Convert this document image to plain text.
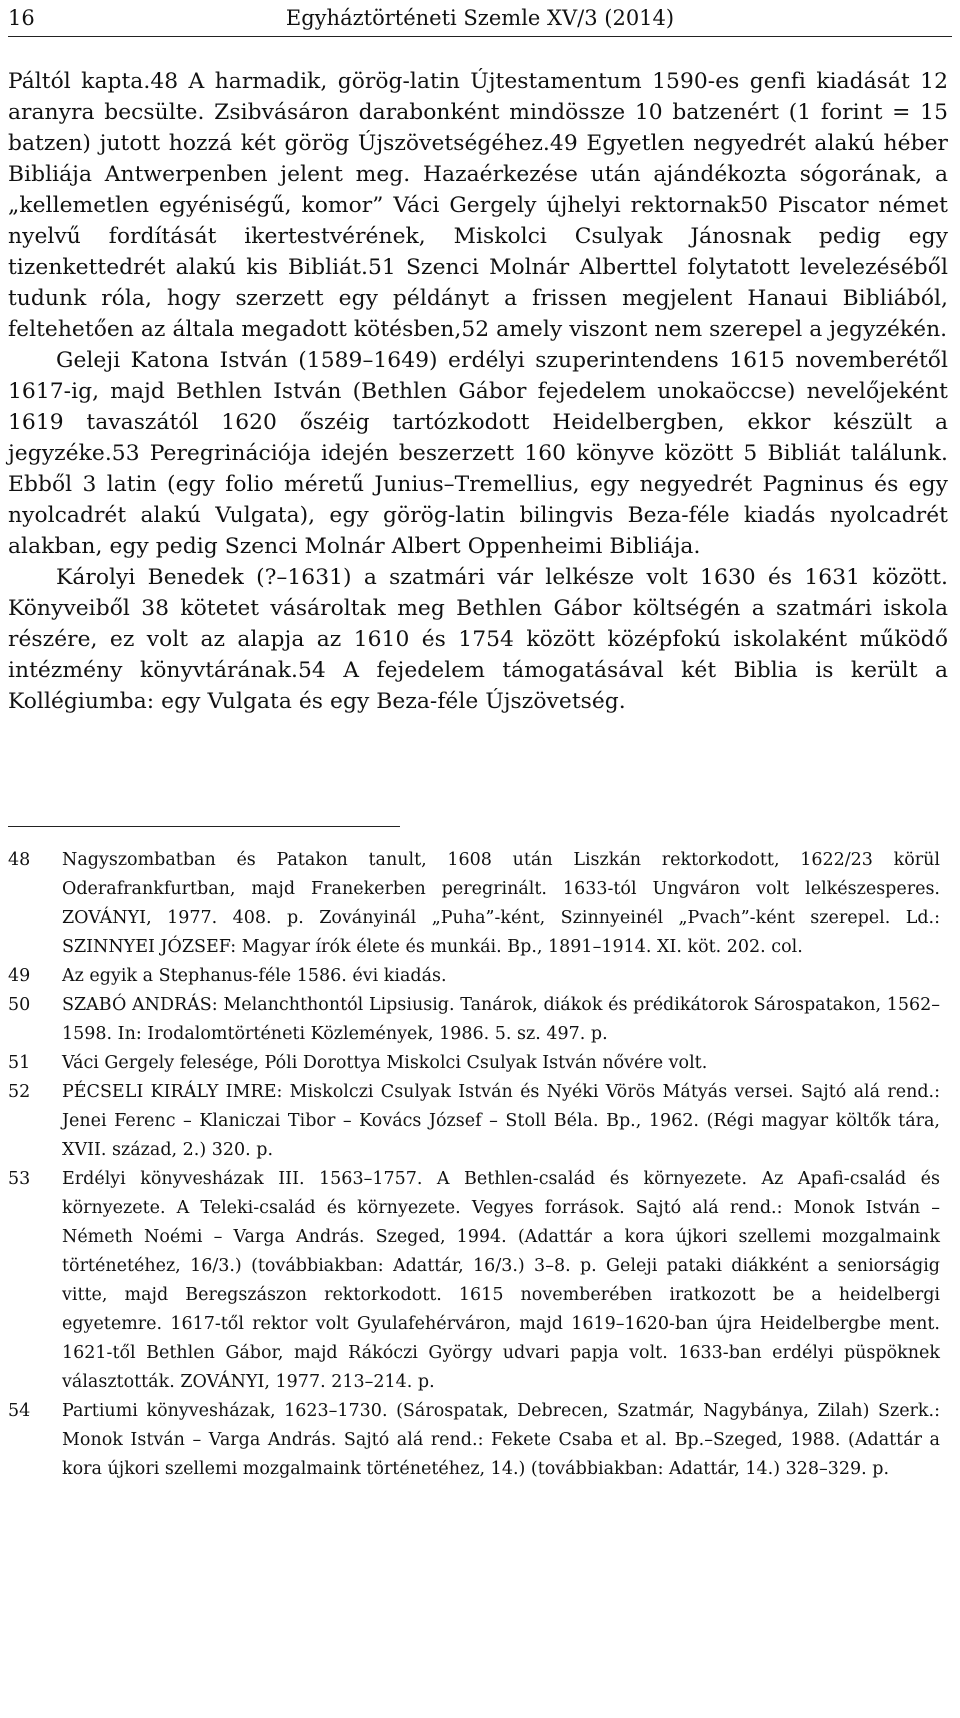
16	Egyháztörténeti Szemle XV/3 (2014)

Páltól kapta.48 A harmadik, görög-latin Újtestamentum 1590-es genfi kiadását 12 aranyra becsülte. Zsibvásáron darabonként mindössze 10 batzenért (1 forint = 15 batzen) jutott hozzá két görög Újszövetségéhez.49 Egyetlen negyedrét alakú héber Bibliája Antwerpenben jelent meg. Hazaérkezése után ajándékozta sógorának, a „kellemetlen egyéniségű, komor” Váci Gergely újhelyi rektornak50 Piscator német nyelvű fordítását ikertestvérének, Miskolci Csulyak Jánosnak pedig egy tizenkettedrét alakú kis Bibliát.51 Szenci Molnár Alberttel folytatott levelezéséből tudunk róla, hogy szerzett egy példányt a frissen megjelent Hanaui Bibliából, feltehetően az általa megadott kötésben,52 amely viszont nem szerepel a jegyzékén.

Geleji Katona István (1589–1649) erdélyi szuperintendens 1615 novemberétől 1617-ig, majd Bethlen István (Bethlen Gábor fejedelem unokaöccse) nevelőjeként 1619 tavaszától 1620 őszéig tartózkodott Heidelbergben, ekkor készült a jegyzéke.53 Peregrinációja idején beszerzett 160 könyve között 5 Bibliát találunk. Ebből 3 latin (egy folio méretű Junius–Tremellius, egy negyedrét Pagninus és egy nyolcadrét alakú Vulgata), egy görög-latin bilingvis Beza-féle kiadás nyolcadrét alakban, egy pedig Szenci Molnár Albert Oppenheimi Bibliája.

Károlyi Benedek (?–1631) a szatmári vár lelkésze volt 1630 és 1631 között. Könyveiből 38 kötetet vásároltak meg Bethlen Gábor költségén a szatmári iskola részére, ez volt az alapja az 1610 és 1754 között középfokú iskolaként működő intézmény könyvtárának.54 A fejedelem támogatásával két Biblia is került a Kollégiumba: egy Vulgata és egy Beza-féle Újszövetség.

48	Nagyszombatban és Patakon tanult, 1608 után Liszkán rektorkodott, 1622/23 körül Oderafrankfurtban, majd Franekerben peregrinált. 1633-tól Ungváron volt lelkészesperes. ZOVÁNYI, 1977. 408. p. Zoványinál „Puha”-ként, Szinnyeinél „Pvach”-ként szerepel. Ld.: SZINNYEI JÓZSEF: Magyar írók élete és munkái. Bp., 1891–1914. XI. köt. 202. col.
49	Az egyik a Stephanus-féle 1586. évi kiadás.
50	SZABÓ ANDRÁS: Melanchthontól Lipsiusig. Tanárok, diákok és prédikátorok Sárospatakon, 1562–1598. In: Irodalomtörténeti Közlemények, 1986. 5. sz. 497. p.
51	Váci Gergely felesége, Póli Dorottya Miskolci Csulyak István nővére volt.
52	PÉCSELI KIRÁLY IMRE: Miskolczi Csulyak István és Nyéki Vörös Mátyás versei. Sajtó alá rend.: Jenei Ferenc – Klaniczai Tibor – Kovács József – Stoll Béla. Bp., 1962. (Régi magyar költők tára, XVII. század, 2.) 320. p.
53	Erdélyi könyvesházak III. 1563–1757. A Bethlen-család és környezete. Az Apafi-család és környezete. A Teleki-család és környezete. Vegyes források. Sajtó alá rend.: Monok István – Németh Noémi – Varga András. Szeged, 1994. (Adattár a kora újkori szellemi mozgalmaink történetéhez, 16/3.) (továbbiakban: Adattár, 16/3.) 3–8. p. Geleji pataki diákként a seniorságig vitte, majd Beregszászon rektorkodott. 1615 novemberében iratkozott be a heidelbergi egyetemre. 1617-től rektor volt Gyulafehérváron, majd 1619–1620-ban újra Heidelbergbe ment. 1621-től Bethlen Gábor, majd Rákóczi György udvari papja volt. 1633-ban erdélyi püspöknek választották. ZOVÁNYI, 1977. 213–214. p.
54	Partiumi könyvesházak, 1623–1730. (Sárospatak, Debrecen, Szatmár, Nagybánya, Zilah) Szerk.: Monok István – Varga András. Sajtó alá rend.: Fekete Csaba et al. Bp.–Szeged, 1988. (Adattár a kora újkori szellemi mozgalmaink történetéhez, 14.) (továbbiakban: Adattár, 14.) 328–329. p.
